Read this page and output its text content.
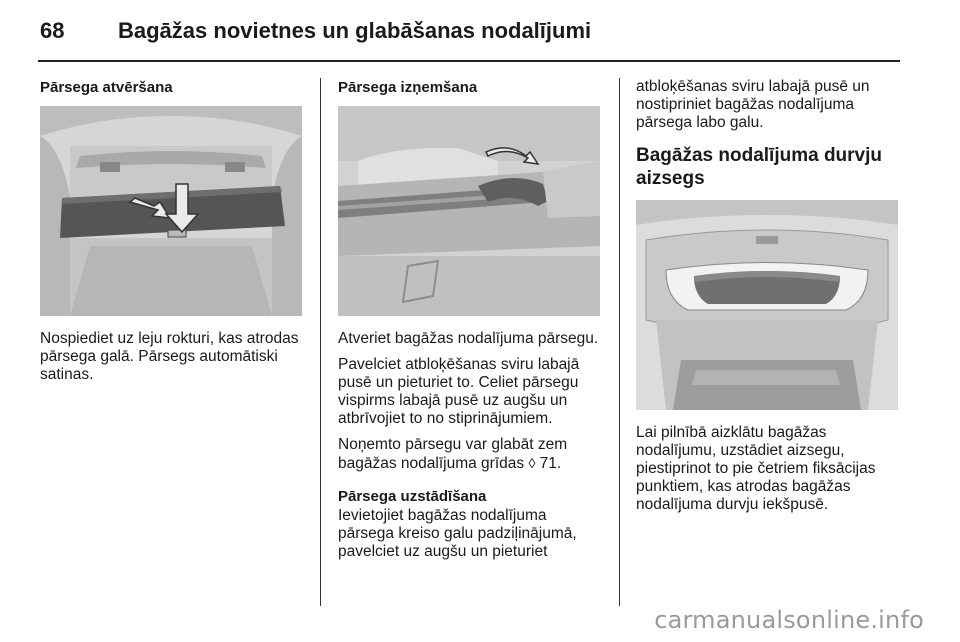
68 Bagāžas novietnes un glabāšanas nodalījumi
Pārsega atvēršana

Nospiediet uz leju rokturi, kas atrodas pārsega galā. Pārsegs automātiski satinas.

Pārsega izņemšana

Atveriet bagāžas nodalījuma pārsegu.

Pavelciet atbloķēšanas sviru labajā pusē un pieturiet to. Celiet pārsegu vispirms labajā pusē uz augšu un atbrīvojiet to no stiprinājumiem.

Noņemto pārsegu var glabāt zem bagāžas nodalījuma grīdas ◊ 71.

Pārsega uzstādīšana

Ievietojiet bagāžas nodalījuma pārsega kreiso galu padziļinājumā, pavelciet uz augšu un pieturiet

atbloķēšanas sviru labajā pusē un nostipriniet bagāžas nodalījuma pārsega labo galu.

Bagāžas nodalījuma durvju aizsegs

Lai pilnībā aizklātu bagāžas nodalījumu, uzstādiet aizsegu, piestiprinot to pie četriem fiksācijas punktiem, kas atrodas bagāžas nodalījuma durvju iekšpusē.

carmanualsonline.info
